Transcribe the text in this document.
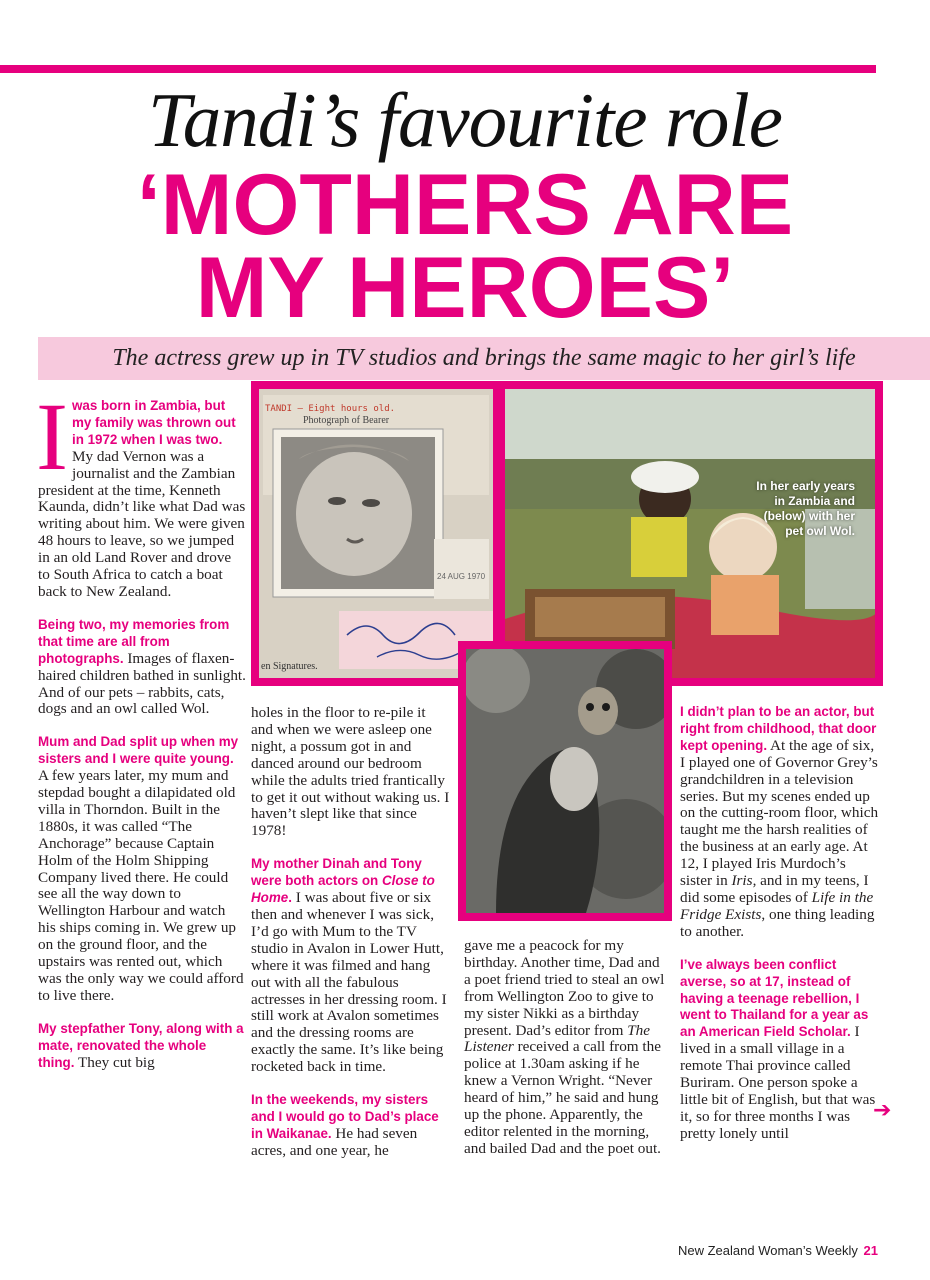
Tandi’s favourite role
‘MOTHERS ARE
MY HEROES’
The actress grew up in TV studios and brings the same magic to her girl’s life

Iwas born in Zambia, but my family was thrown out in 1972 when I was two. My dad Vernon was a journalist and the Zambian president at the time, Kenneth Kaunda, didn’t like what Dad was writing about him. We were given 48 hours to leave, so we jumped in an old Land Rover and drove to South Africa to catch a boat back to New Zealand.

Being two, my memories from that time are all from photographs. Images of flaxen-haired children bathed in sunlight. And of our pets – rabbits, cats, dogs and an owl called Wol.

Mum and Dad split up when my sisters and I were quite young. A few years later, my mum and stepdad bought a dilapidated old villa in Thorndon. Built in the 1880s, it was called “The Anchorage” because Captain Holm of the Holm Shipping Company lived there. He could see all the way down to Wellington Harbour and watch his ships coming in. We grew up on the ground floor, and the upstairs was rented out, which was the only way we could afford to live there.

My stepfather Tony, along with a mate, renovated the whole thing. They cut big

holes in the floor to re-pile it and when we were asleep one night, a possum got in and danced around our bedroom while the adults tried frantically to get it out without waking us. I haven’t slept like that since 1978!

My mother Dinah and Tony were both actors on Close to Home. I was about five or six then and whenever I was sick, I’d go with Mum to the TV studio in Avalon in Lower Hutt, where it was filmed and hang out with all the fabulous actresses in her dressing room. I still work at Avalon sometimes and the dressing rooms are exactly the same. It’s like being rocketed back in time.

In the weekends, my sisters and I would go to Dad’s place in Waikanae. He had seven acres, and one year, he

gave me a peacock for my birthday. Another time, Dad and a poet friend tried to steal an owl from Wellington Zoo to give to my sister Nikki as a birthday present. Dad’s editor from The Listener received a call from the police at 1.30am asking if he knew a Vernon Wright. “Never heard of him,” he said and hung up the phone. Apparently, the editor relented in the morning, and bailed Dad and the poet out.

I didn’t plan to be an actor, but right from childhood, that door kept opening. At the age of six, I played one of Governor Grey’s grandchildren in a television series. But my scenes ended up on the cutting-room floor, which taught me the harsh realities of the business at an early age. At 12, I played Iris Murdoch’s sister in Iris, and in my teens, I did some episodes of Life in the Fridge Exists, one thing leading to another.

I’ve always been conflict averse, so at 17, instead of having a teenage rebellion, I went to Thailand for a year as an American Field Scholar. I lived in a small village in a remote Thai province called Buriram. One person spoke a little bit of English, but that was it, so for three months I was pretty lonely until

TANDI – Eight hours old.
Photograph of Bearer
24 AUG 1970
en Signatures.
In her early years in Zambia and (below) with her pet owl Wol.
➔
New Zealand Woman’s Weekly 21
